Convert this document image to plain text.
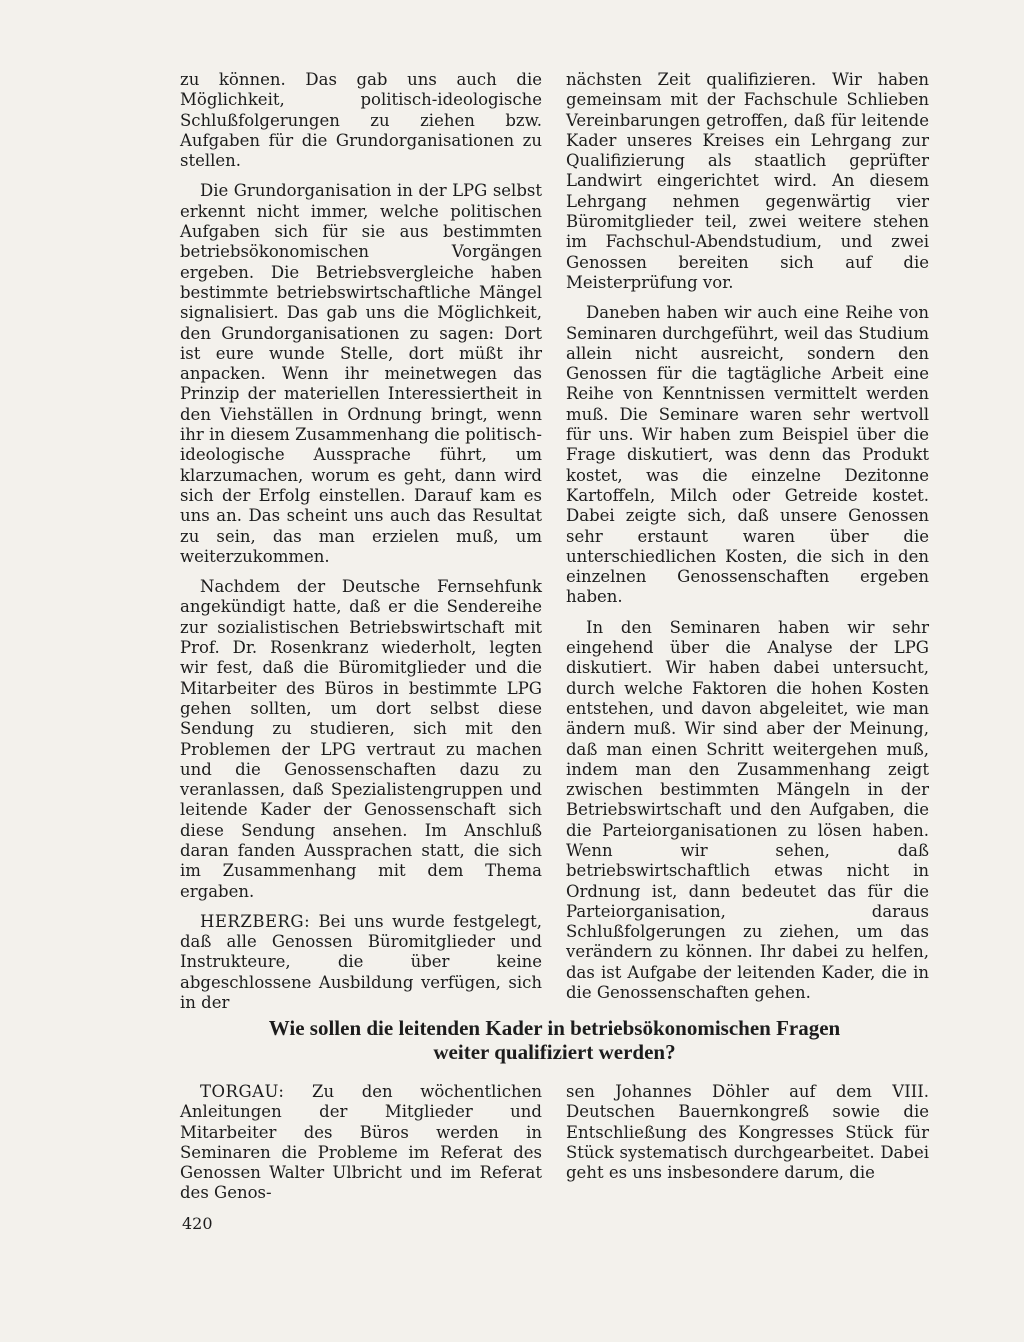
zu können. Das gab uns auch die Möglichkeit, politisch-ideologische Schlußfolgerungen zu ziehen bzw. Aufgaben für die Grundorganisationen zu stellen.

Die Grundorganisation in der LPG selbst erkennt nicht immer, welche politischen Aufgaben sich für sie aus bestimmten betriebsökonomischen Vorgängen ergeben. Die Betriebsvergleiche haben bestimmte betriebswirtschaftliche Mängel signalisiert. Das gab uns die Möglichkeit, den Grundorganisationen zu sagen: Dort ist eure wunde Stelle, dort müßt ihr anpacken. Wenn ihr meinetwegen das Prinzip der materiellen Interessiertheit in den Viehställen in Ordnung bringt, wenn ihr in diesem Zusammenhang die politisch-ideologische Aussprache führt, um klarzumachen, worum es geht, dann wird sich der Erfolg einstellen. Darauf kam es uns an. Das scheint uns auch das Resultat zu sein, das man erzielen muß, um weiterzukommen.

Nachdem der Deutsche Fernsehfunk angekündigt hatte, daß er die Sendereihe zur sozialistischen Betriebswirtschaft mit Prof. Dr. Rosenkranz wiederholt, legten wir fest, daß die Büromitglieder und die Mitarbeiter des Büros in bestimmte LPG gehen sollten, um dort selbst diese Sendung zu studieren, sich mit den Problemen der LPG vertraut zu machen und die Genossenschaften dazu zu veranlassen, daß Spezialistengruppen und leitende Kader der Genossenschaft sich diese Sendung ansehen. Im Anschluß daran fanden Aussprachen statt, die sich im Zusammenhang mit dem Thema ergaben.

HERZBERG: Bei uns wurde festgelegt, daß alle Genossen Büromitglieder und Instrukteure, die über keine abgeschlossene Ausbildung verfügen, sich in der

nächsten Zeit qualifizieren. Wir haben gemeinsam mit der Fachschule Schlieben Vereinbarungen getroffen, daß für leitende Kader unseres Kreises ein Lehrgang zur Qualifizierung als staatlich geprüfter Landwirt eingerichtet wird. An diesem Lehrgang nehmen gegenwärtig vier Büromitglieder teil, zwei weitere stehen im Fachschul-Abendstudium, und zwei Genossen bereiten sich auf die Meisterprüfung vor.

Daneben haben wir auch eine Reihe von Seminaren durchgeführt, weil das Studium allein nicht ausreicht, sondern den Genossen für die tagtägliche Arbeit eine Reihe von Kenntnissen vermittelt werden muß. Die Seminare waren sehr wertvoll für uns. Wir haben zum Beispiel über die Frage diskutiert, was denn das Produkt kostet, was die einzelne Dezitonne Kartoffeln, Milch oder Getreide kostet. Dabei zeigte sich, daß unsere Genossen sehr erstaunt waren über die unterschiedlichen Kosten, die sich in den einzelnen Genossenschaften ergeben haben.

In den Seminaren haben wir sehr eingehend über die Analyse der LPG diskutiert. Wir haben dabei untersucht, durch welche Faktoren die hohen Kosten entstehen, und davon abgeleitet, wie man ändern muß. Wir sind aber der Meinung, daß man einen Schritt weitergehen muß, indem man den Zusammenhang zeigt zwischen bestimmten Mängeln in der Betriebswirtschaft und den Aufgaben, die die Parteiorganisationen zu lösen haben. Wenn wir sehen, daß betriebswirtschaftlich etwas nicht in Ordnung ist, dann bedeutet das für die Parteiorganisation, daraus Schlußfolgerungen zu ziehen, um das verändern zu können. Ihr dabei zu helfen, das ist Aufgabe der leitenden Kader, die in die Genossenschaften gehen.

Wie sollen die leitenden Kader in betriebsökonomischen Fragen
weiter qualifiziert werden?

TORGAU: Zu den wöchentlichen Anleitungen der Mitglieder und Mitarbeiter des Büros werden in Seminaren die Probleme im Referat des Genossen Walter Ulbricht und im Referat des Genos-

sen Johannes Döhler auf dem VIII. Deutschen Bauernkongreß sowie die Entschließung des Kongresses Stück für Stück systematisch durchgearbeitet. Dabei geht es uns insbesondere darum, die

420
